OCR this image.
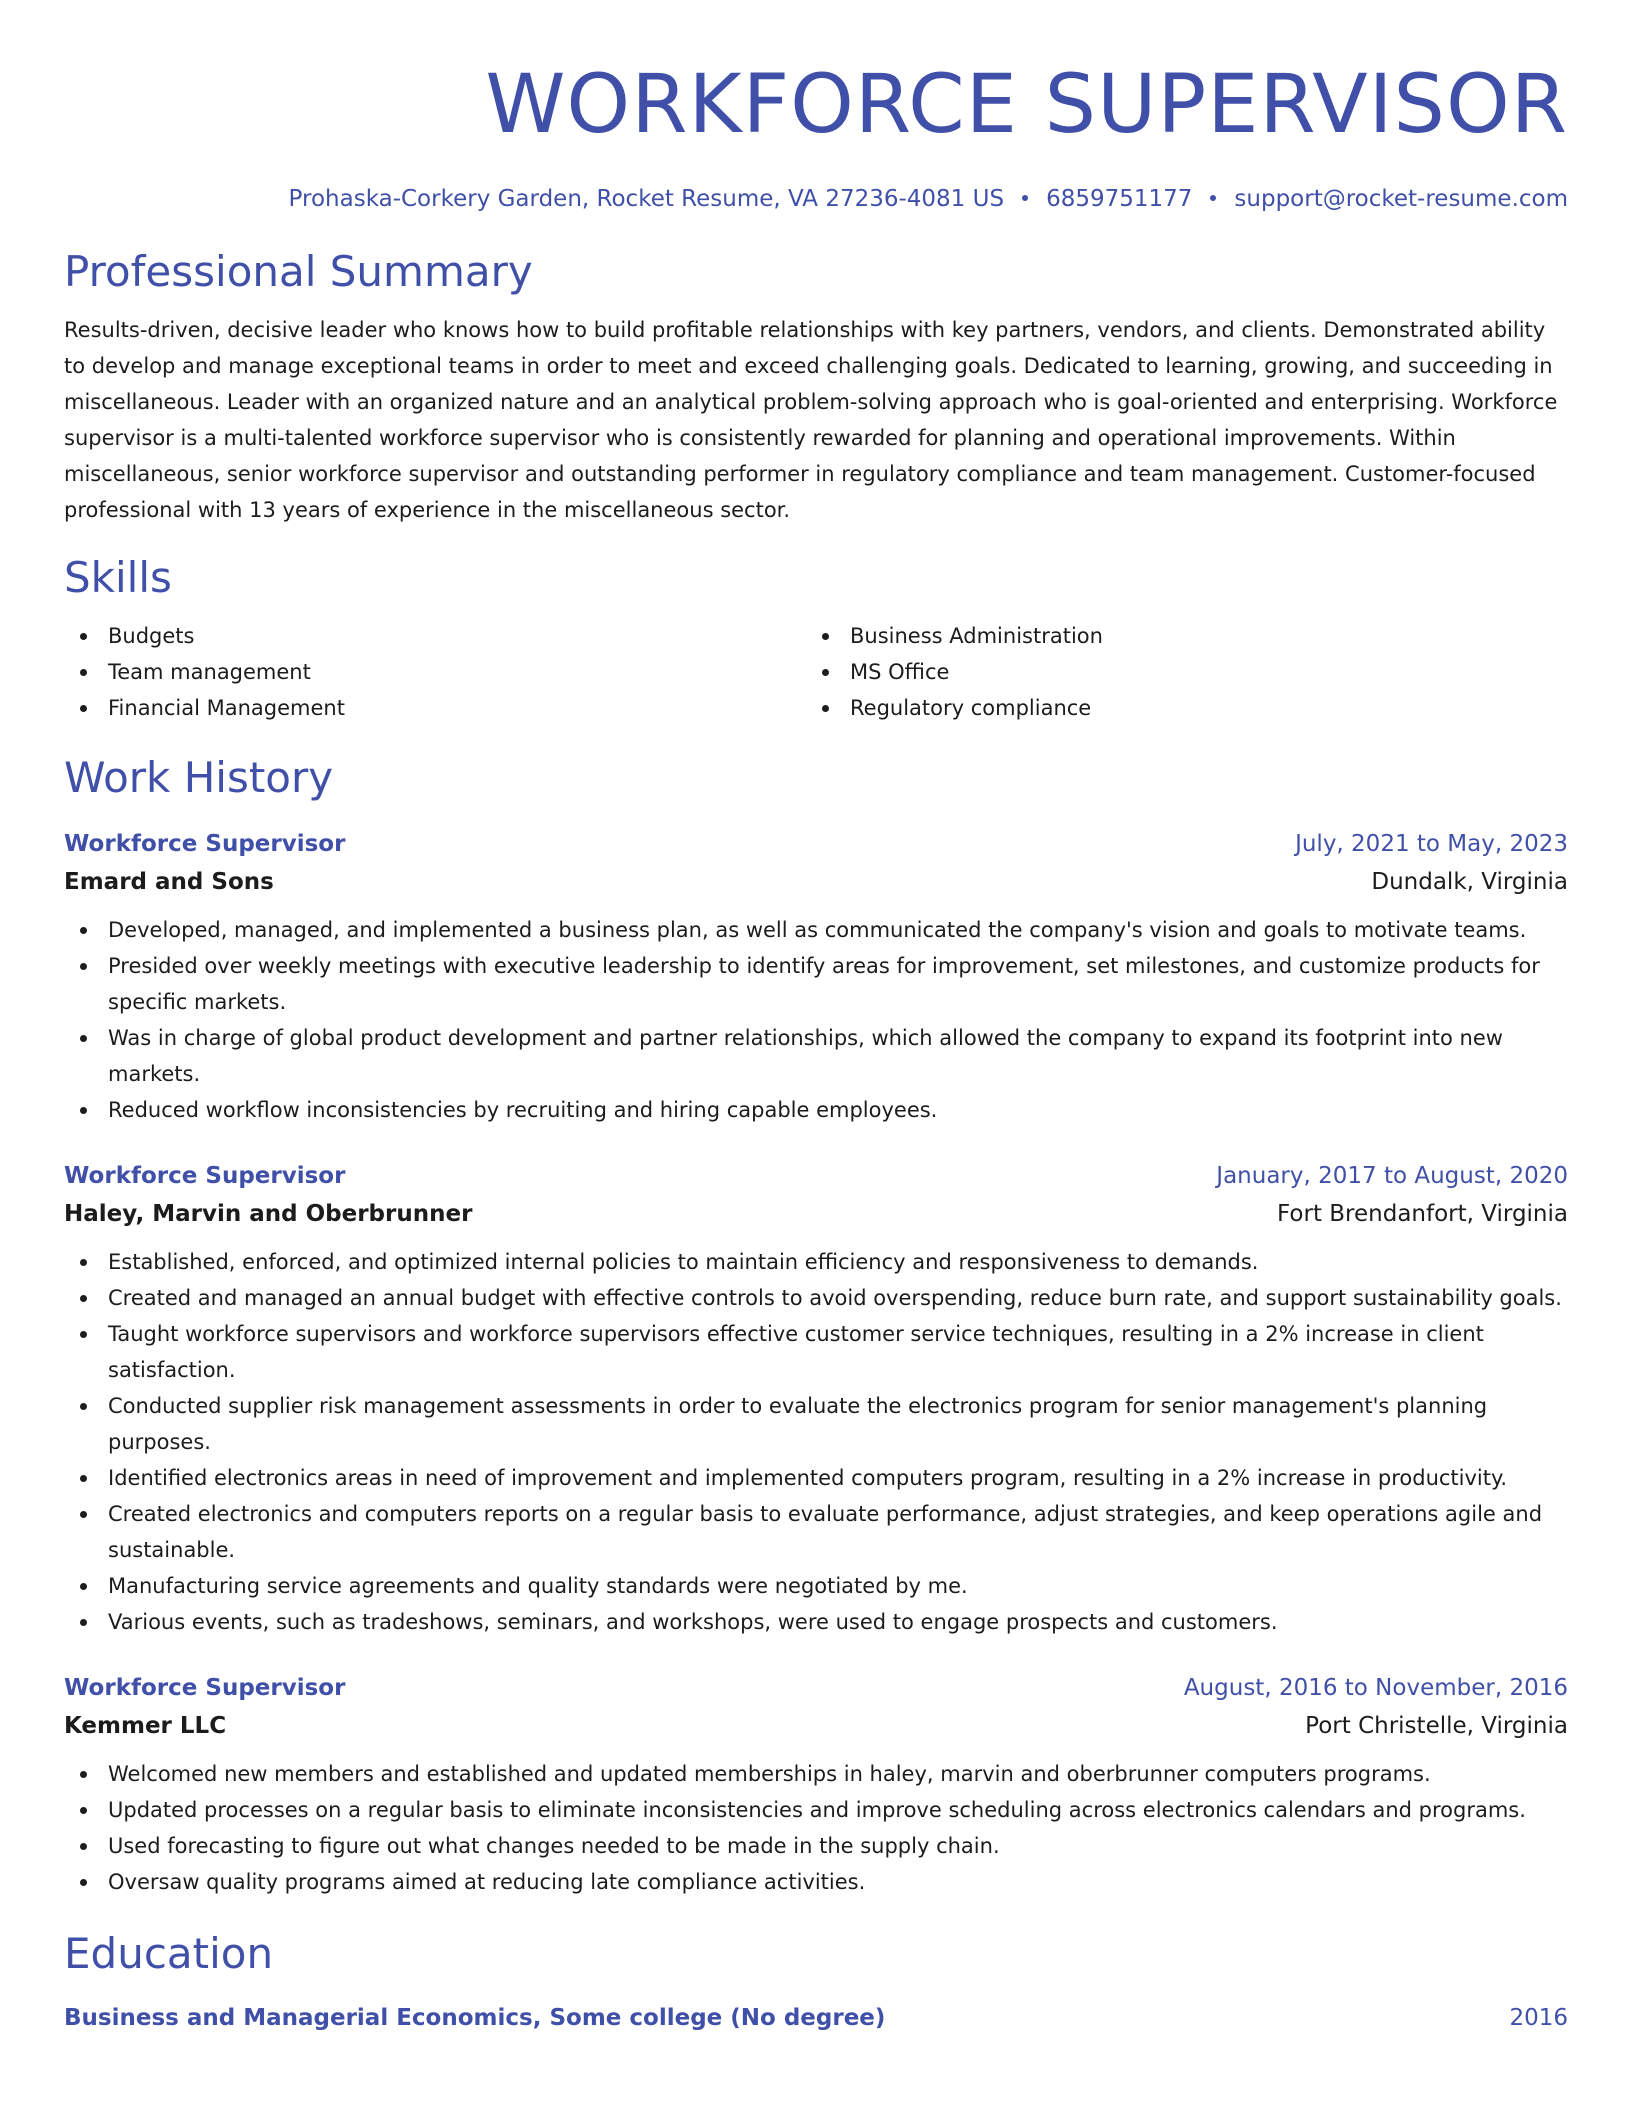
WORKFORCE SUPERVISOR
Prohaska-Corkery Garden, Rocket Resume, VA 27236-4081 US 6859751177 support@rocket-resume.com
Professional Summary

Results-driven, decisive leader who knows how to build profitable relationships with key partners, vendors, and clients. Demonstrated ability to develop and manage exceptional teams in order to meet and exceed challenging goals. Dedicated to learning, growing, and succeeding in miscellaneous. Leader with an organized nature and an analytical problem-solving approach who is goal-oriented and enterprising. Workforce supervisor is a multi-talented workforce supervisor who is consistently rewarded for planning and operational improvements. Within miscellaneous, senior workforce supervisor and outstanding performer in regulatory compliance and team management. Customer-focused professional with 13 years of experience in the miscellaneous sector.

Skills
Budgets
Team management
Financial Management
Business Administration
MS Office
Regulatory compliance
Work History
Workforce Supervisor	July, 2021 to May, 2023
Emard and Sons	Dundalk, Virginia
Developed, managed, and implemented a business plan, as well as communicated the company's vision and goals to motivate teams.
Presided over weekly meetings with executive leadership to identify areas for improvement, set milestones, and customize products for specific markets.
Was in charge of global product development and partner relationships, which allowed the company to expand its footprint into new markets.
Reduced workflow inconsistencies by recruiting and hiring capable employees.
Workforce Supervisor	January, 2017 to August, 2020
Haley, Marvin and Oberbrunner	Fort Brendanfort, Virginia
Established, enforced, and optimized internal policies to maintain efficiency and responsiveness to demands.
Created and managed an annual budget with effective controls to avoid overspending, reduce burn rate, and support sustainability goals.
Taught workforce supervisors and workforce supervisors effective customer service techniques, resulting in a 2% increase in client satisfaction.
Conducted supplier risk management assessments in order to evaluate the electronics program for senior management's planning purposes.
Identified electronics areas in need of improvement and implemented computers program, resulting in a 2% increase in productivity.
Created electronics and computers reports on a regular basis to evaluate performance, adjust strategies, and keep operations agile and sustainable.
Manufacturing service agreements and quality standards were negotiated by me.
Various events, such as tradeshows, seminars, and workshops, were used to engage prospects and customers.
Workforce Supervisor	August, 2016 to November, 2016
Kemmer LLC	Port Christelle, Virginia
Welcomed new members and established and updated memberships in haley, marvin and oberbrunner computers programs.
Updated processes on a regular basis to eliminate inconsistencies and improve scheduling across electronics calendars and programs.
Used forecasting to figure out what changes needed to be made in the supply chain.
Oversaw quality programs aimed at reducing late compliance activities.
Education
Business and Managerial Economics, Some college (No degree)	2016
